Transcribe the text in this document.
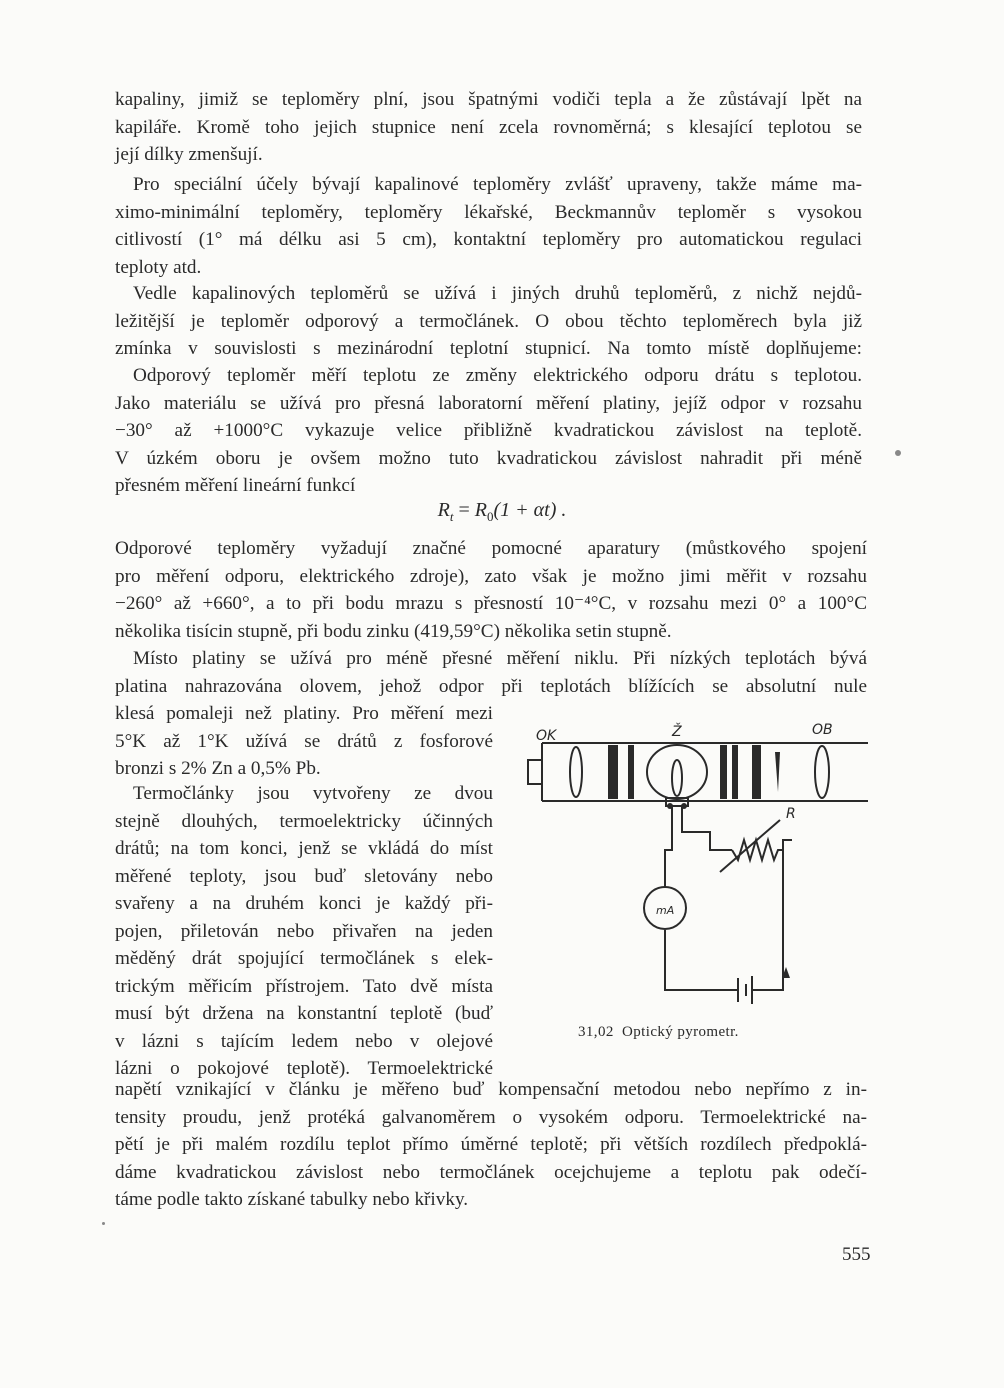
kapaliny, jimiž se teploměry plní, jsou špatnými vodiči tepla a že zůstávají lpět na
kapiláře. Kromě toho jejich stupnice není zcela rovnoměrná; s klesající teplotou se
její dílky zmenšují.
Pro speciální účely bývají kapalinové teploměry zvlášť upraveny, takže máme ma-
ximo-minimální teploměry, teploměry lékařské, Beckmannův teploměr s vysokou
citlivostí (1° má délku asi 5 cm), kontaktní teploměry pro automatickou regulaci
teploty atd.
Vedle kapalinových teploměrů se užívá i jiných druhů teploměrů, z nichž nejdů-
ležitější je teploměr odporový a termočlánek. O obou těchto teploměrech byla již
zmínka v souvislosti s mezinárodní teplotní stupnicí. Na tomto místě doplňujeme:
Odporový teploměr měří teplotu ze změny elektrického odporu drátu s teplotou.
Jako materiálu se užívá pro přesná laboratorní měření platiny, jejíž odpor v rozsahu
−30° až +1000°C vykazuje velice přibližně kvadratickou závislost na teplotě.
V úzkém oboru je ovšem možno tuto kvadratickou závislost nahradit při méně
přesném měření lineární funkcí
$R_t = R_0(1 + \alpha t)$ .
Odporové teploměry vyžadují značné pomocné aparatury (můstkového spojení
pro měření odporu, elektrického zdroje), zato však je možno jimi měřit v rozsahu
−260° až +660°, a to při bodu mrazu s přesností 10⁻⁴°C, v rozsahu mezi 0° a 100°C
několika tisícin stupně, při bodu zinku (419,59°C) několika setin stupně.
Místo platiny se užívá pro méně přesné měření niklu. Při nízkých teplotách bývá
platina nahrazována olovem, jehož odpor při teplotách blížících se absolutní nule
klesá pomaleji než platiny. Pro měření mezi
5°K až 1°K užívá se drátů z fosforové
bronzi s 2% Zn a 0,5% Pb.
Termočlánky jsou vytvořeny ze dvou
stejně dlouhých, termoelektricky účinných
drátů; na tom konci, jenž se vkládá do míst
měřené teploty, jsou buď sletovány nebo
svařeny a na druhém konci je každý při-
pojen, přiletován nebo přivařen na jeden
měděný drát spojující termočlánek s elek-
trickým měřicím přístrojem. Tato dvě místa
musí být držena na konstantní teplotě (buď
v lázni s tajícím ledem nebo v olejové
lázni o pokojové teplotě). Termoelektrické
napětí vznikající v článku je měřeno buď kompensační metodou nebo nepřímo z in-
tensity proudu, jenž protéká galvanoměrem o vysokém odporu. Termoelektrické na-
pětí je při malém rozdílu teplot přímo úměrné teplotě; při větších rozdílech předpoklá-
dáme kvadratickou závislost nebo termočlánek ocejchujeme a teplotu pak odečí-
táme podle takto získané tabulky nebo křivky.
OK	Ž	OB
R
mA
31,02  Optický pyrometr.
555
